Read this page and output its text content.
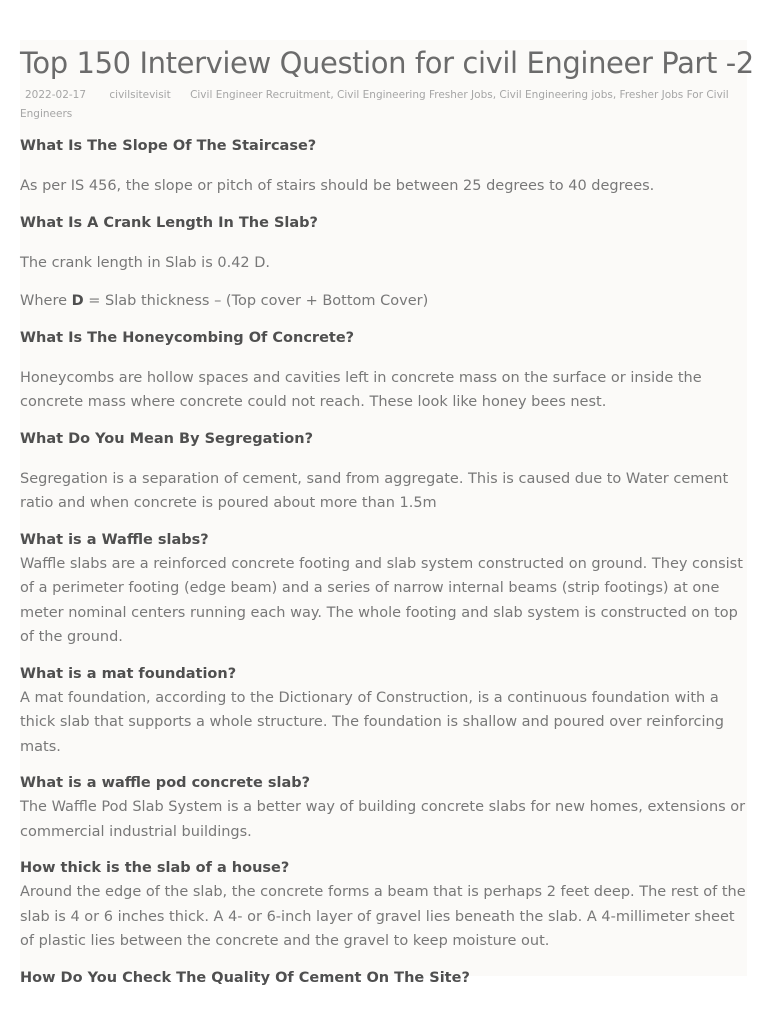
Top 150 Interview Question for civil Engineer Part -2
2022-02-17 civilsitevisit Civil Engineer Recruitment, Civil Engineering Fresher Jobs, Civil Engineering jobs, Fresher Jobs For Civil Engineers
What Is The Slope Of The Staircase?

As per IS 456, the slope or pitch of stairs should be between 25 degrees to 40 degrees.

What Is A Crank Length In The Slab?

The crank length in Slab is 0.42 D.

Where D = Slab thickness – (Top cover + Bottom Cover)

What Is The Honeycombing Of Concrete?

Honeycombs are hollow spaces and cavities left in concrete mass on the surface or inside the concrete mass where concrete could not reach. These look like honey bees nest.

What Do You Mean By Segregation?

Segregation is a separation of cement, sand from aggregate. This is caused due to Water cement ratio and when concrete is poured about more than 1.5m

What is a Waffle slabs?

Waffle slabs are a reinforced concrete footing and slab system constructed on ground. They consist of a perimeter footing (edge beam) and a series of narrow internal beams (strip footings) at one meter nominal centers running each way. The whole footing and slab system is constructed on top of the ground.

What is a mat foundation?

A mat foundation, according to the Dictionary of Construction, is a continuous foundation with a thick slab that supports a whole structure. The foundation is shallow and poured over reinforcing mats.

What is a waffle pod concrete slab?

The Waffle Pod Slab System is a better way of building concrete slabs for new homes, extensions or commercial industrial buildings.

How thick is the slab of a house?

Around the edge of the slab, the concrete forms a beam that is perhaps 2 feet deep. The rest of the slab is 4 or 6 inches thick. A 4- or 6-inch layer of gravel lies beneath the slab. A 4-millimeter sheet of plastic lies between the concrete and the gravel to keep moisture out.

How Do You Check The Quality Of Cement On The Site?
